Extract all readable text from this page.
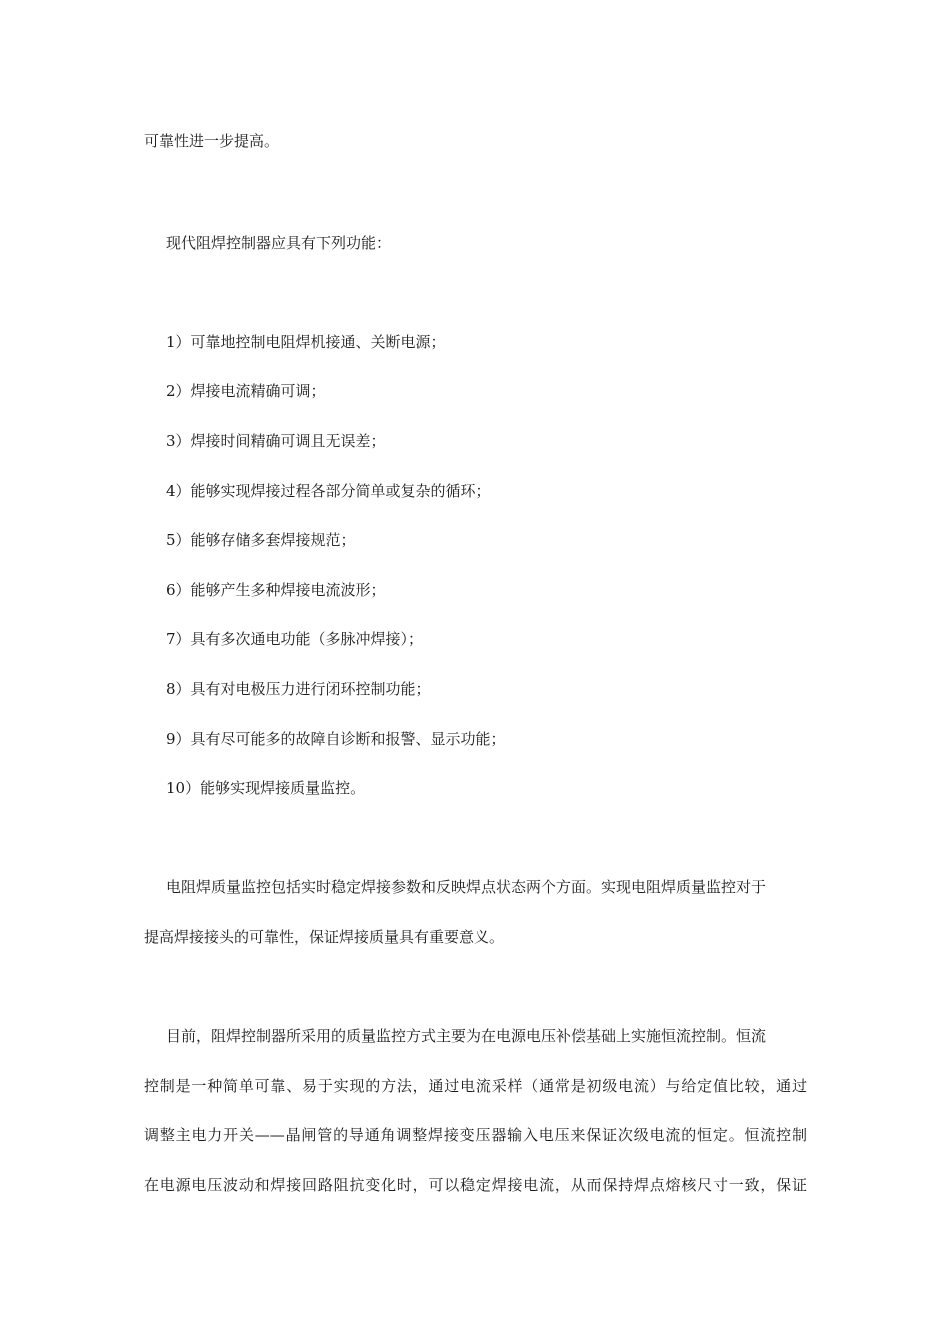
可靠性进一步提高。
现代阻焊控制器应具有下列功能：
1）可靠地控制电阻焊机接通、关断电源；
2）焊接电流精确可调；
3）焊接时间精确可调且无误差；
4）能够实现焊接过程各部分简单或复杂的循环；
5）能够存储多套焊接规范；
6）能够产生多种焊接电流波形；
7）具有多次通电功能（多脉冲焊接）；
8）具有对电极压力进行闭环控制功能；
9）具有尽可能多的故障自诊断和报警、显示功能；
10）能够实现焊接质量监控。
电阻焊质量监控包括实时稳定焊接参数和反映焊点状态两个方面。实现电阻焊质量监控对于
提高焊接接头的可靠性，保证焊接质量具有重要意义。
目前，阻焊控制器所采用的质量监控方式主要为在电源电压补偿基础上实施恒流控制。恒流
控制是一种简单可靠、易于实现的方法，通过电流采样（通常是初级电流）与给定值比较，通过
调整主电力开关——晶闸管的导通角调整焊接变压器输入电压来保证次级电流的恒定。恒流控制
在电源电压波动和焊接回路阻抗变化时，可以稳定焊接电流，从而保持焊点熔核尺寸一致，保证
